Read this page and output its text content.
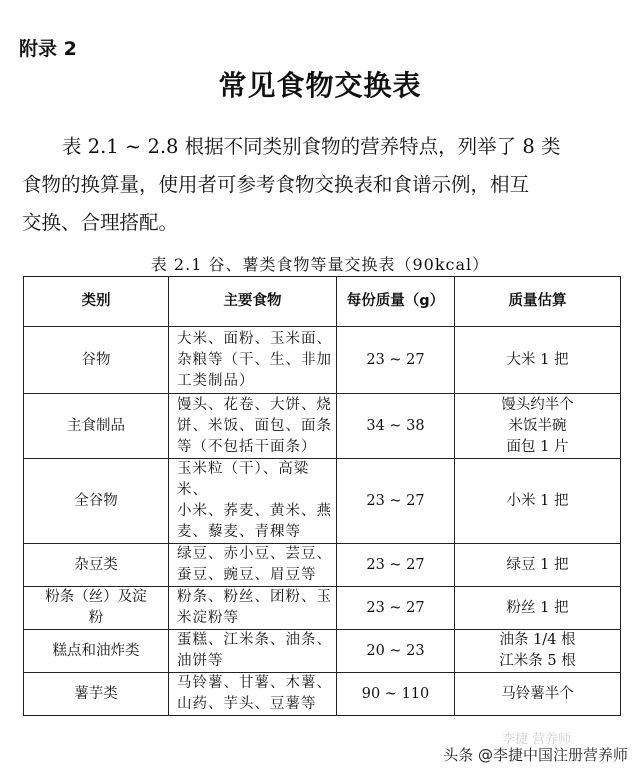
附录 2
常见食物交换表

表 2.1 ~ 2.8 根据不同类别食物的营养特点，列举了 8 类
食物的换算量，使用者可参考食物交换表和食谱示例，相互
交换、合理搭配。

表 2.1 谷、薯类食物等量交换表（90kcal）
类别	主要食物	每份质量（g）	质量估算

谷物	大米、面粉、玉米面、
杂粮等（干、生、非加
工类制品）	23 ~ 27	大米 1 把

主食制品	馒头、花卷、大饼、烧
饼、米饭、面包、面条
等（不包括干面条）	34 ~ 38	馒头约半个
米饭半碗
面包 1 片

全谷物	玉米粒（干）、高粱米、
小米、荞麦、黄米、燕
麦、藜麦、青稞等	23 ~ 27	小米 1 把

杂豆类	绿豆、赤小豆、芸豆、
蚕豆、豌豆、眉豆等	23 ~ 27	绿豆 1 把

粉条（丝）及淀
粉	粉条、粉丝、团粉、玉
米淀粉等	23 ~ 27	粉丝 1 把

糕点和油炸类	蛋糕、江米条、油条、
油饼等	20 ~ 23	油条 1/4 根
江米条 5 根

薯芋类	马铃薯、甘薯、木薯、
山药、芋头、豆薯等	90 ~ 110	马铃薯半个
李捷 营养师
头条 @李捷中国注册营养师
